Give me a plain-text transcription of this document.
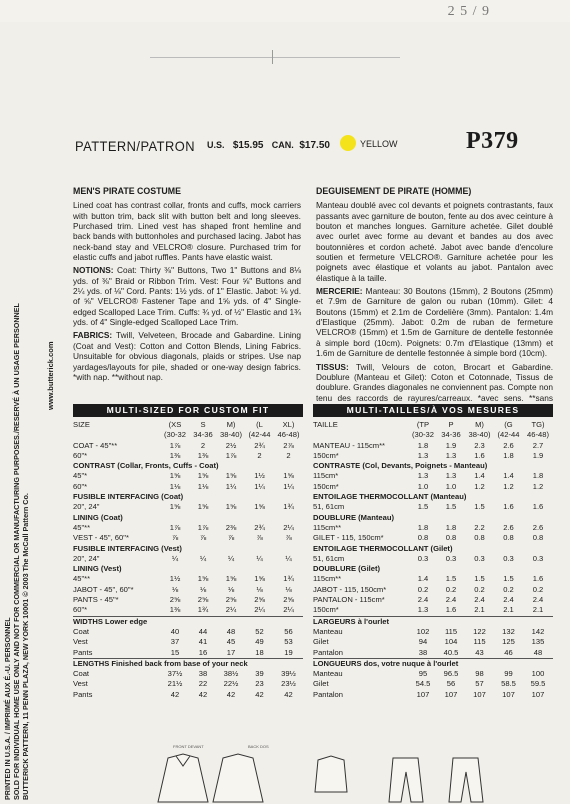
2 5 / 9
PRINTED IN U.S.A. / IMPRIMÉ AUX É.-U. PERSONNEL SOLD FOR INDIVIDUAL HOME USE ONLY AND NOT FOR COMMERCIAL OR MANUFACTURING PURPOSES./RESERVÉ À UN USAGE PERSONNEL BUTTERICK PATTERN, 11 PENN PLAZA, NEW YORK 10001 © 2003 The McCall Pattern Co.
www.butterick.com
PATTERN/PATRON U.S. $15.95 CAN. $17.50	YELLOW	P379
MEN'S PIRATE COSTUME
Lined coat has contrast collar, fronts and cuffs, mock carriers with button trim, back slit with button belt and long sleeves. Purchased trim. Lined vest has shaped front hemline and back bands with buttonholes and purchased lacing. Jabot has neck-band stay and VELCRO® closure. Purchased trim for elastic cuffs and jabot ruffles. Pants have elastic waist.
NOTIONS: Coat: Thirty ⅜" Buttons, Two 1" Buttons and 8⅛ yds. of ⅜" Braid or Ribbon Trim. Vest: Four ⅝" Buttons and 2¼ yds. of ⅛" Cord. Pants: 1½ yds. of 1" Elastic. Jabot: ⅛ yd. of ⅝" VELCRO® Fastener Tape and 1⅝ yds. of 4" Single-edged Scalloped Lace Trim. Cuffs: ¾ yd. of ½" Elastic and 1¾ yds. of 4" Single-edged Scalloped Lace Trim.
FABRICS: Twill, Velveteen, Brocade and Gabardine. Lining (Coat and Vest): Cotton and Cotton Blends, Lining Fabrics. Unsuitable for obvious diagonals, plaids or stripes. Use nap yardages/layouts for pile, shaded or one-way design fabrics. *with nap. **without nap.
DEGUISEMENT DE PIRATE (HOMME)
Manteau doublé avec col devants et poignets contrastants, faux passants avec garniture de bouton, fente au dos avec ceinture à bouton et manches longues. Garniture achetée. Gilet doublé avec ourlet avec forme au devant et bandes au dos avec boutonnières et cordon acheté. Jabot avec bande d'encolure soutien et fermeture VELCRO®. Garniture achetée pour les poignets avec élastique et volants au jabot. Pantalon avec élastique à la taille.
MERCERIE: Manteau: 30 Boutons (15mm), 2 Boutons (25mm) et 7.9m de Garniture de galon ou ruban (10mm). Gilet: 4 Boutons (15mm) et 2.1m de Cordelière (3mm). Pantalon: 1.4m d'Elastique (25mm). Jabot: 0.2m de ruban de fermeture VELCRO® (15mm) et 1.5m de Garniture de dentelle festonnée à simple bord (10cm). Poignets: 0.7m d'Elastique (13mm) et 1.6m de Garniture de dentelle festonnée à simple bord (10cm).
TISSUS: Twill, Velours de coton, Brocart et Gabardine. Doublure (Manteau et Gilet): Coton et Cotonnade, Tissus de doublure. Grandes diagonales ne conviennent pas. Compte non tenu des raccords de rayures/carreaux. *avec sens. **sans
MULTI-SIZED FOR CUSTOM FIT	MULTI-TAILLES/À VOS MESURES
SIZE	(XS	S	M)	(L	XL)
	(30-32	34-36	38-40)	(42-44	46-48)
COAT - 45"**	1⅞	2	2½	2¾	2⅞
60"*	1⅜	1⅜	1⅞	2	2
CONTRAST (Collar, Fronts, Cuffs - Coat)					
45"*	1⅝	1⅝	1⅝	1½	1⅝
60"*	1⅛	1⅛	1¼	1¼	1¼
FUSIBLE INTERFACING (Coat)					
20", 24"	1⅝	1⅝	1⅝	1⅝	1¾
LINING (Coat)					
45"**	1⅞	1⅞	2⅜	2¾	2¼
VEST - 45", 60"*	⅞	⅞	⅞	⅞	⅞
FUSIBLE INTERFACING (Vest)					
20", 24"	¼	¼	¼	¼	¼
LINING (Vest)					
45"**	1½	1⅝	1⅝	1⅝	1¾
JABOT - 45", 60"*	⅛	⅛	⅛	⅛	⅛
PANTS - 45"*	2⅝	2⅝	2⅝	2⅝	2⅝
60"*	1⅜	1¾	2¼	2¼	2¼
WIDTHS Lower edge					
Coat	40	44	48	52	56
Vest	37	41	45	49	53
Pants	15	16	17	18	19
LENGTHS Finished back from base of your neck					
Coat	37½	38	38½	39	39½
Vest	21½	22	22½	23	23½
Pants	42	42	42	42	42
TAILLE	(TP	P	M)	(G	TG)
	(30-32	34-36	38-40)	(42-44	46-48)
MANTEAU - 115cm**	1.8	1.9	2.3	2.6	2.7
150cm*	1.3	1.3	1.6	1.8	1.9
CONTRASTE (Col, Devants, Poignets - Manteau)					
115cm*	1.3	1.3	1.4	1.4	1.8
150cm*	1.0	1.0	1.2	1.2	1.2
ENTOILAGE THERMOCOLLANT (Manteau)					
51, 61cm	1.5	1.5	1.5	1.6	1.6
DOUBLURE (Manteau)					
115cm**	1.8	1.8	2.2	2.6	2.6
GILET - 115, 150cm*	0.8	0.8	0.8	0.8	0.8
ENTOILAGE THERMOCOLLANT (Gilet)					
51, 61cm	0.3	0.3	0.3	0.3	0.3
DOUBLURE (Gilet)					
115cm**	1.4	1.5	1.5	1.5	1.6
JABOT - 115, 150cm*	0.2	0.2	0.2	0.2	0.2
PANTALON - 115cm*	2.4	2.4	2.4	2.4	2.4
150cm*	1.3	1.6	2.1	2.1	2.1
LARGEURS à l'ourlet					
Manteau	102	115	122	132	142
Gilet	94	104	115	125	135
Pantalon	38	40.5	43	46	48
LONGUEURS dos, votre nuque à l'ourlet					
Manteau	95	96.5	98	99	100
Gilet	54.5	56	57	58.5	59.5
Pantalon	107	107	107	107	107
FRONT DEVANT	BACK DOS
